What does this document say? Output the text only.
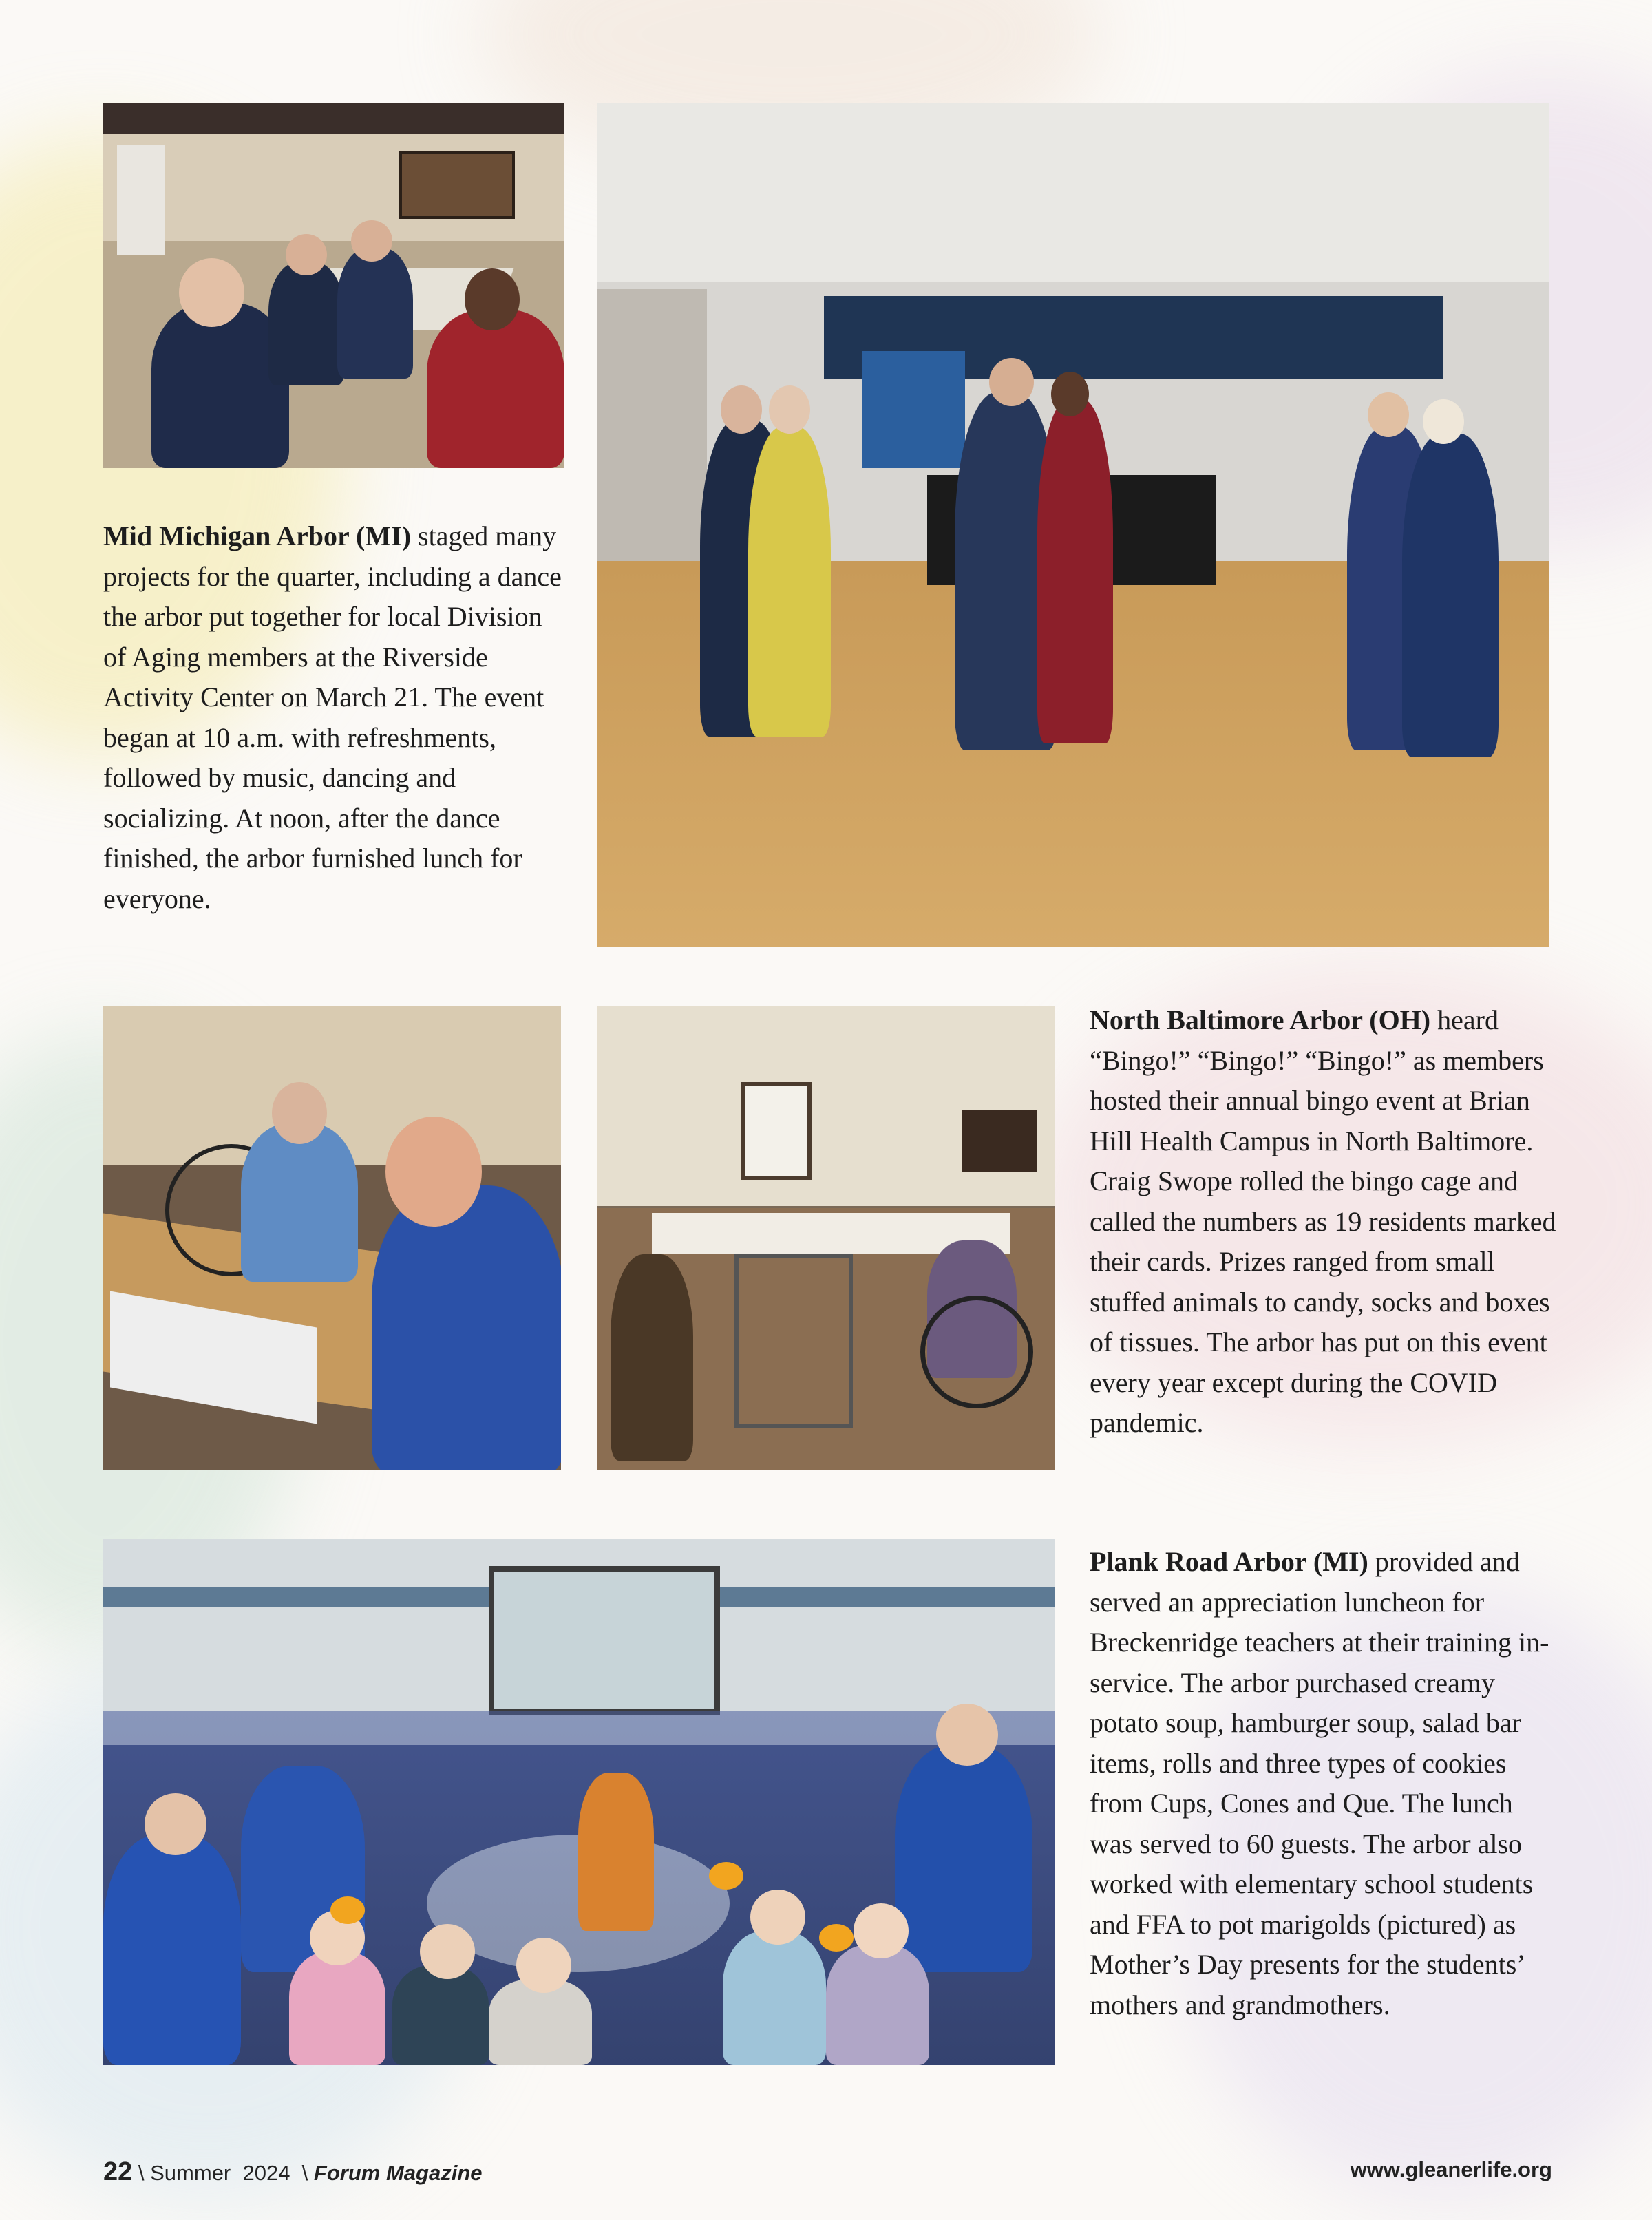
Mid Michigan Arbor (MI) staged many projects for the quarter, including a dance the arbor put together for local Division of Aging members at the Riverside Activity Center on March 21. The event began at 10 a.m. with refreshments, followed by music, dancing and socializing. At noon, after the dance finished, the arbor furnished lunch for everyone.
North Baltimore Arbor (OH) heard “Bingo!” “Bingo!” “Bingo!” as members hosted their annual bingo event at Brian Hill Health Campus in North Baltimore. Craig Swope rolled the bingo cage and called the numbers as 19 residents marked their cards. Prizes ranged from small stuffed animals to candy, socks and boxes of tissues. The arbor has put on this event every year except during the COVID pandemic.
Plank Road Arbor (MI) provided and served an appreciation luncheon for Breckenridge teachers at their training in-service. The arbor purchased creamy potato soup, hamburger soup, salad bar items, rolls and three types of cookies from Cups, Cones and Que. The lunch was served to 60 guests. The arbor also worked with elementary school students and FFA to pot marigolds (pictured) as Mother’s Day presents for the students’ mothers and grandmothers.
22 \ Summer  2024  \ Forum Magazine	www.gleanerlife.org
